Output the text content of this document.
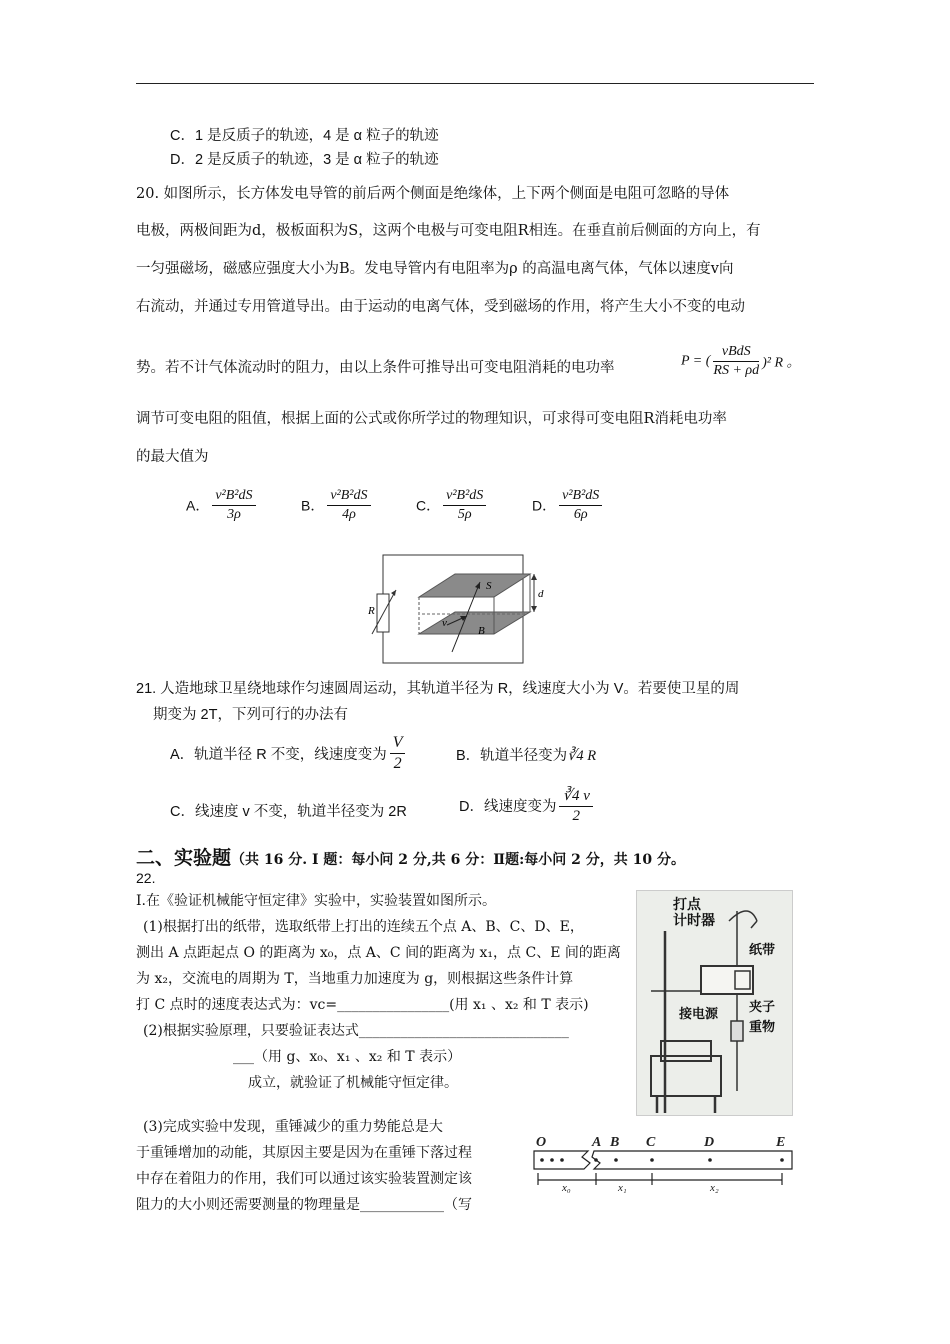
C．1 是反质子的轨迹，4 是 α 粒子的轨迹
D．2 是反质子的轨迹，3 是 α 粒子的轨迹
20. 如图所示，长方体发电导管的前后两个侧面是绝缘体，上下两个侧面是电阻可忽略的导体
电极，两极间距为d，极板面积为S，这两个电极与可变电阻R相连。在垂直前后侧面的方向上，有
一匀强磁场，磁感应强度大小为B。发电导管内有电阻率为ρ 的高温电离气体，气体以速度v向
右流动，并通过专用管道导出。由于运动的电离气体，受到磁场的作用，将产生大小不变的电动
势。若不计气体流动时的阻力，由以上条件可推导出可变电阻消耗的电功率	P = ( $\frac{\text{vBdS}}{RS + \rho d} )^2$ R 。
调节可变电阻的阻值，根据上面的公式或你所学过的物理知识，可求得可变电阻R消耗电功率
的最大值为
A． $\frac{\text{v²B²dS}}{3\rho}$	B． $\frac{\text{v²B²dS}}{4\rho}$	C． $\frac{\text{v²B²dS}}{5\rho}$	D． $\frac{\text{v²B²dS}}{6\rho}$
R
S
d
v
B
21. 人造地球卫星绕地球作匀速圆周运动，其轨道半径为 R，线速度大小为 V。若要使卫星的周
期变为 2T，下列可行的办法有
A．轨道半径 R 不变，线速度变为 $\frac{V}{2}$	B．轨道半径变为∛4 R
C．线速度 v 不变，轨道半径变为 2R	D．线速度变为 $\frac{∛4 v}{2}$
二、实验题（共 16 分. Ⅰ 题：每小问 2 分,共 6 分：Ⅱ题:每小问 2 分，共 10 分。
22.
Ⅰ.在《验证机械能守恒定律》实验中，实验装置如图所示。
(1)根据打出的纸带，选取纸带上打出的连续五个点 A、B、C、D、E，
测出 A 点距起点 O 的距离为 x₀，点 A、C 间的距离为 x₁，点 C、E 间的距离
为 x₂，交流电的周期为 T，当地重力加速度为 g，则根据这些条件计算
打 C 点时的速度表达式为：vc=________________(用 x₁ 、x₂ 和 T 表示)
(2)根据实验原理，只要验证表达式______________________________
___（用 g、x₀、x₁ 、x₂ 和 T 表示）
成立，就验证了机械能守恒定律。
(3)完成实验中发现，重锤减少的重力势能总是大
于重锤增加的动能，其原因主要是因为在重锤下落过程
中存在着阻力的作用，我们可以通过该实验装置测定该
阻力的大小则还需要测量的物理量是____________（写
打点
计时器
纸带
接电源 夹子
重物
O	A B C	D	E
x₀	x₁	x₂
